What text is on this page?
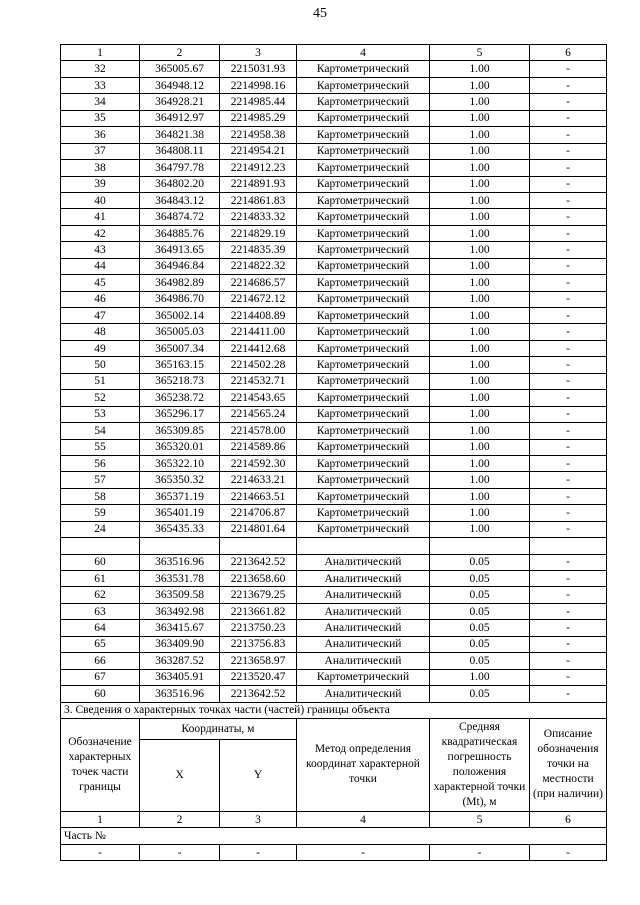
45
1	2	3	4	5	6
32	365005.67	2215031.93	Картометрический	1.00	-
33	364948.12	2214998.16	Картометрический	1.00	-
34	364928.21	2214985.44	Картометрический	1.00	-
35	364912.97	2214985.29	Картометрический	1.00	-
36	364821.38	2214958.38	Картометрический	1.00	-
37	364808.11	2214954.21	Картометрический	1.00	-
38	364797.78	2214912.23	Картометрический	1.00	-
39	364802.20	2214891.93	Картометрический	1.00	-
40	364843.12	2214861.83	Картометрический	1.00	-
41	364874.72	2214833.32	Картометрический	1.00	-
42	364885.76	2214829.19	Картометрический	1.00	-
43	364913.65	2214835.39	Картометрический	1.00	-
44	364946.84	2214822.32	Картометрический	1.00	-
45	364982.89	2214686.57	Картометрический	1.00	-
46	364986.70	2214672.12	Картометрический	1.00	-
47	365002.14	2214408.89	Картометрический	1.00	-
48	365005.03	2214411.00	Картометрический	1.00	-
49	365007.34	2214412.68	Картометрический	1.00	-
50	365163.15	2214502.28	Картометрический	1.00	-
51	365218.73	2214532.71	Картометрический	1.00	-
52	365238.72	2214543.65	Картометрический	1.00	-
53	365296.17	2214565.24	Картометрический	1.00	-
54	365309.85	2214578.00	Картометрический	1.00	-
55	365320.01	2214589.86	Картометрический	1.00	-
56	365322.10	2214592.30	Картометрический	1.00	-
57	365350.32	2214633.21	Картометрический	1.00	-
58	365371.19	2214663.51	Картометрический	1.00	-
59	365401.19	2214706.87	Картометрический	1.00	-
24	365435.33	2214801.64	Картометрический	1.00	-

60	363516.96	2213642.52	Аналитический	0.05	-
61	363531.78	2213658.60	Аналитический	0.05	-
62	363509.58	2213679.25	Аналитический	0.05	-
63	363492.98	2213661.82	Аналитический	0.05	-
64	363415.67	2213750.23	Аналитический	0.05	-
65	363409.90	2213756.83	Аналитический	0.05	-
66	363287.52	2213658.97	Аналитический	0.05	-
67	363405.91	2213520.47	Картометрический	1.00	-
60	363516.96	2213642.52	Аналитический	0.05	-
3. Сведения о характерных точках части (частей) границы объекта					
Обозначение характерных точек части границы	Координаты, м		Метод определения координат характерной точки	Средняя квадратическая погрешность положения характерной точки (Mt), м	Описание обозначения точки на местности (при наличии)
	X	Y			
1	2	3	4	5	6
Часть №					
-	-	-	-	-	-
